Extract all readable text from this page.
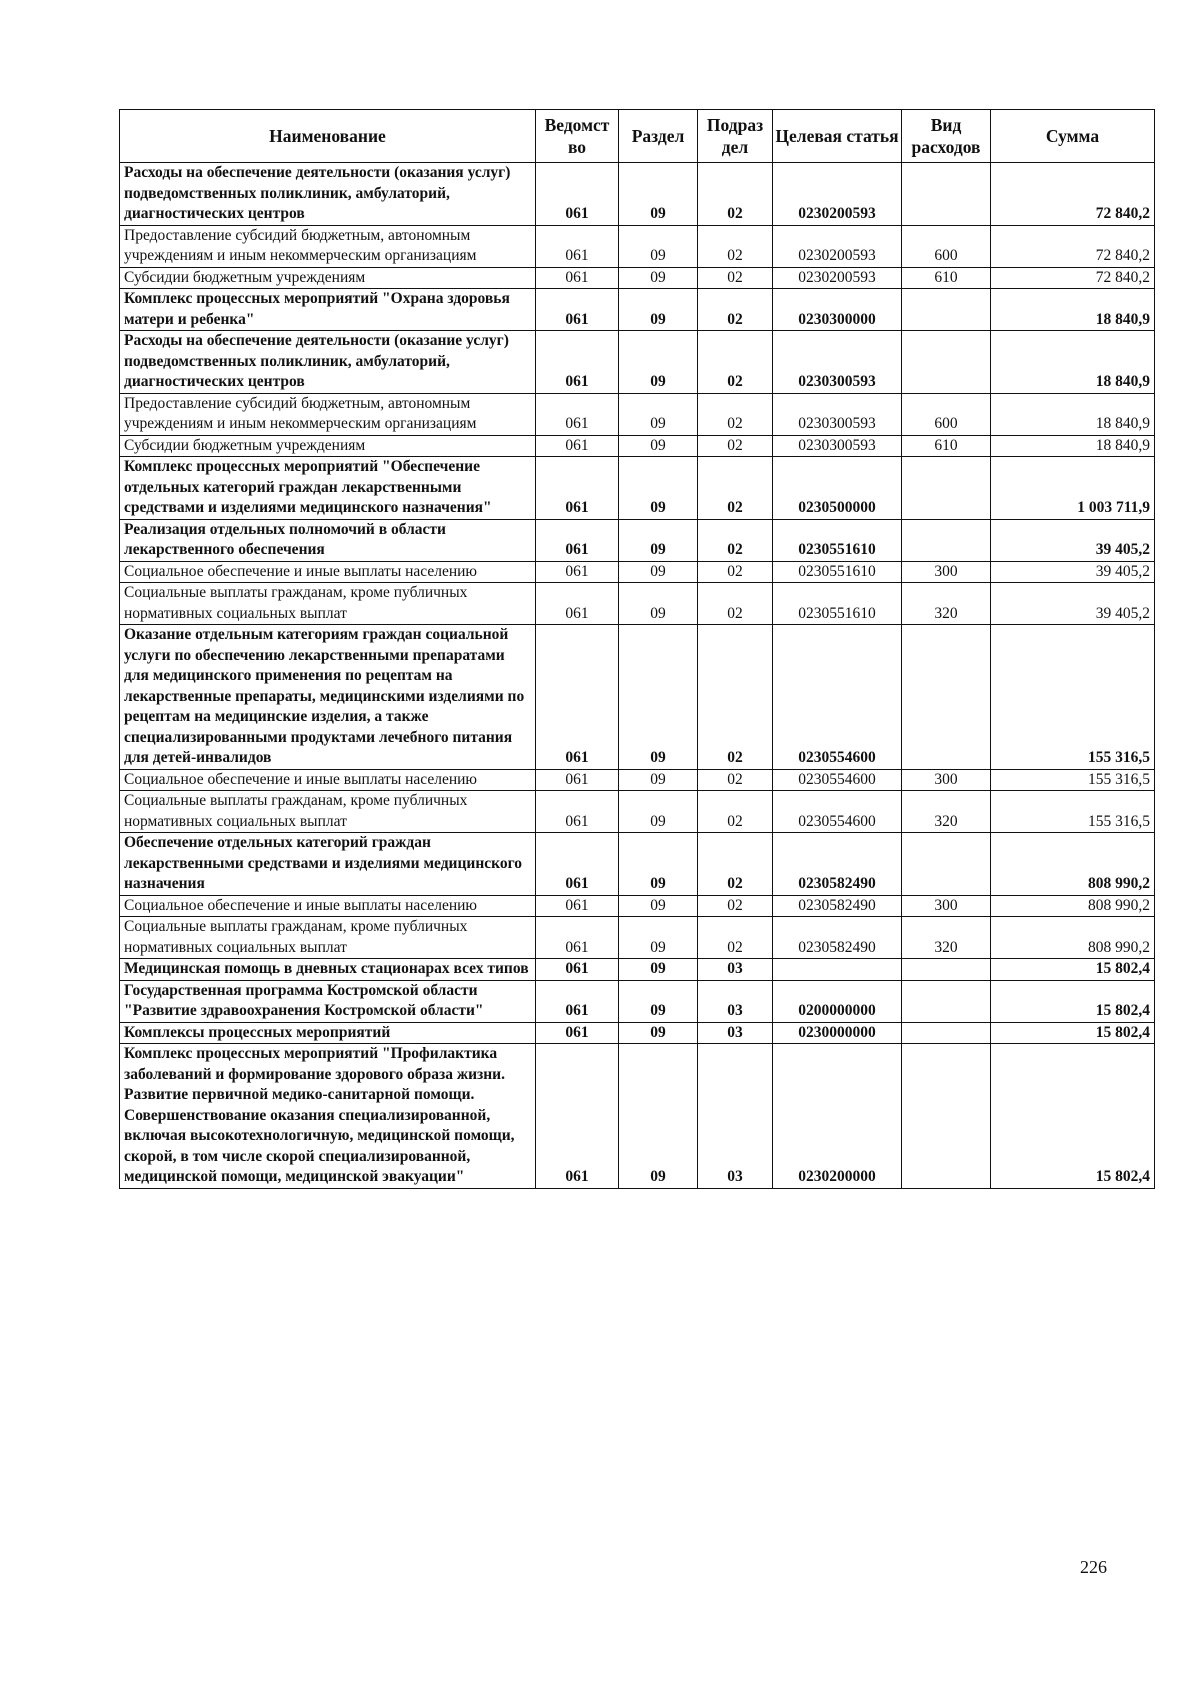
Наименование	Ведомст во	Раздел	Подраз дел	Целевая статья	Вид расходов	Сумма
Расходы на обеспечение деятельности (оказания услуг) подведомственных поликлиник, амбулаторий, диагностических центров	061	09	02	0230200593		72 840,2
Предоставление субсидий бюджетным, автономным учреждениям и иным некоммерческим организациям	061	09	02	0230200593	600	72 840,2
Субсидии бюджетным учреждениям	061	09	02	0230200593	610	72 840,2
Комплекс процессных мероприятий "Охрана здоровья матери и ребенка"	061	09	02	0230300000		18 840,9
Расходы на обеспечение деятельности (оказание услуг) подведомственных поликлиник, амбулаторий, диагностических центров	061	09	02	0230300593		18 840,9
Предоставление субсидий бюджетным, автономным учреждениям и иным некоммерческим организациям	061	09	02	0230300593	600	18 840,9
Субсидии бюджетным учреждениям	061	09	02	0230300593	610	18 840,9
Комплекс процессных мероприятий "Обеспечение отдельных категорий граждан лекарственными средствами и изделиями медицинского назначения"	061	09	02	0230500000		1 003 711,9
Реализация отдельных полномочий в области лекарственного обеспечения	061	09	02	0230551610		39 405,2
Социальное обеспечение и иные выплаты населению	061	09	02	0230551610	300	39 405,2
Социальные выплаты гражданам, кроме публичных нормативных социальных выплат	061	09	02	0230551610	320	39 405,2
Оказание отдельным категориям граждан социальной услуги по обеспечению лекарственными препаратами для медицинского применения по рецептам на лекарственные препараты, медицинскими изделиями по рецептам на медицинские изделия, а также специализированными продуктами лечебного питания для детей-инвалидов	061	09	02	0230554600		155 316,5
Социальное обеспечение и иные выплаты населению	061	09	02	0230554600	300	155 316,5
Социальные выплаты гражданам, кроме публичных нормативных социальных выплат	061	09	02	0230554600	320	155 316,5
Обеспечение отдельных категорий граждан лекарственными средствами и изделиями медицинского назначения	061	09	02	0230582490		808 990,2
Социальное обеспечение и иные выплаты населению	061	09	02	0230582490	300	808 990,2
Социальные выплаты гражданам, кроме публичных нормативных социальных выплат	061	09	02	0230582490	320	808 990,2
Медицинская помощь в дневных стационарах всех типов	061	09	03			15 802,4
Государственная программа Костромской области "Развитие здравоохранения Костромской области"	061	09	03	0200000000		15 802,4
Комплексы процессных мероприятий	061	09	03	0230000000		15 802,4
Комплекс процессных мероприятий "Профилактика заболеваний и формирование здорового образа жизни. Развитие первичной медико-санитарной помощи. Совершенствование оказания специализированной, включая высокотехнологичную, медицинской помощи, скорой, в том числе скорой специализированной, медицинской помощи, медицинской эвакуации"	061	09	03	0230200000		15 802,4
226
